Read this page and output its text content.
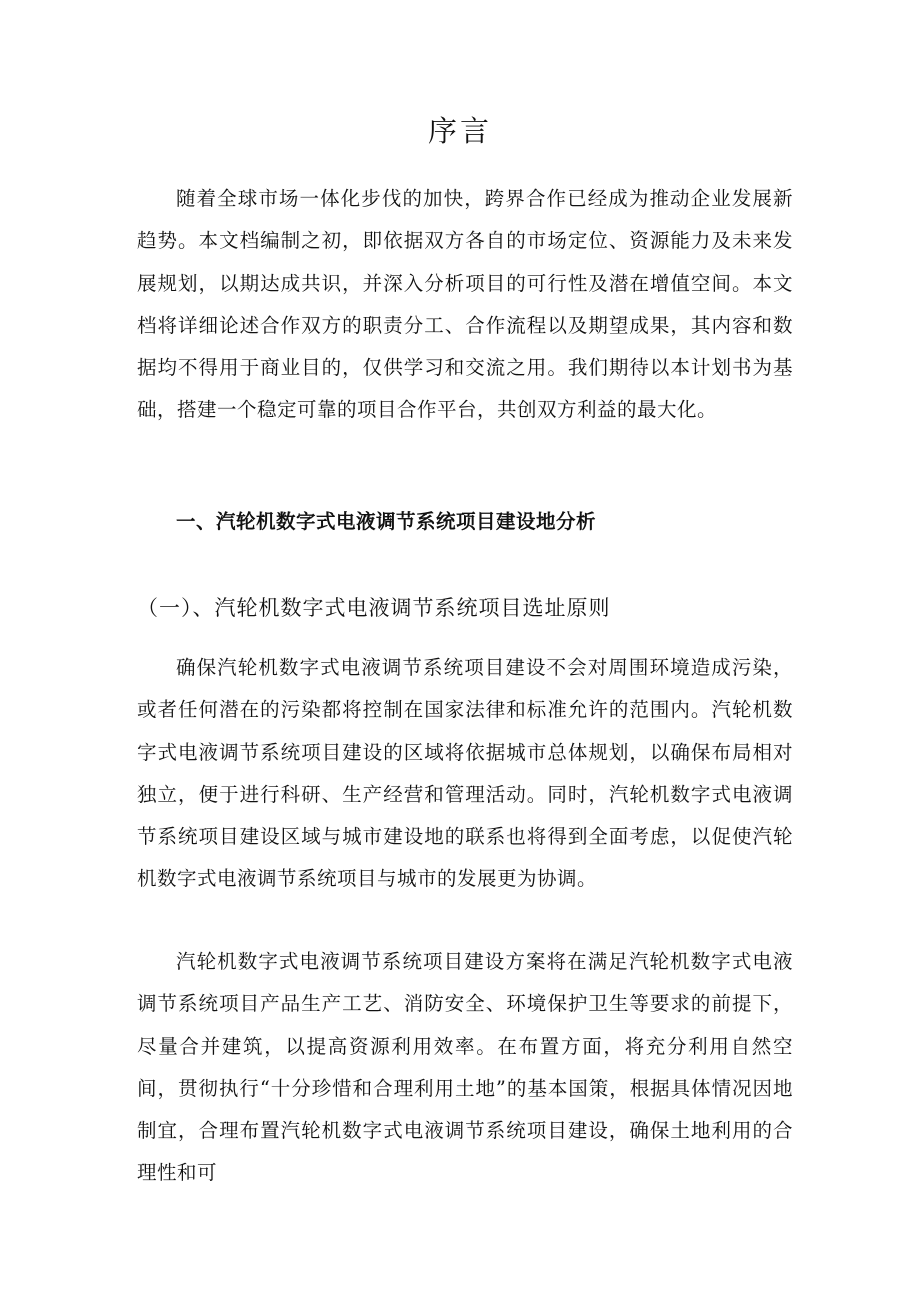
序言

随着全球市场一体化步伐的加快，跨界合作已经成为推动企业发展新趋势。本文档编制之初，即依据双方各自的市场定位、资源能力及未来发展规划，以期达成共识，并深入分析项目的可行性及潜在增值空间。本文档将详细论述合作双方的职责分工、合作流程以及期望成果，其内容和数据均不得用于商业目的，仅供学习和交流之用。我们期待以本计划书为基础，搭建一个稳定可靠的项目合作平台，共创双方利益的最大化。

一、汽轮机数字式电液调节系统项目建设地分析
（一）、汽轮机数字式电液调节系统项目选址原则

确保汽轮机数字式电液调节系统项目建设不会对周围环境造成污染，或者任何潜在的污染都将控制在国家法律和标准允许的范围内。汽轮机数字式电液调节系统项目建设的区域将依据城市总体规划，以确保布局相对独立，便于进行科研、生产经营和管理活动。同时，汽轮机数字式电液调节系统项目建设区域与城市建设地的联系也将得到全面考虑，以促使汽轮机数字式电液调节系统项目与城市的发展更为协调。

汽轮机数字式电液调节系统项目建设方案将在满足汽轮机数字式电液调节系统项目产品生产工艺、消防安全、环境保护卫生等要求的前提下，尽量合并建筑，以提高资源利用效率。在布置方面，将充分利用自然空间，贯彻执行“十分珍惜和合理利用土地”的基本国策，根据具体情况因地制宜，合理布置汽轮机数字式电液调节系统项目建设，确保土地利用的合理性和可
